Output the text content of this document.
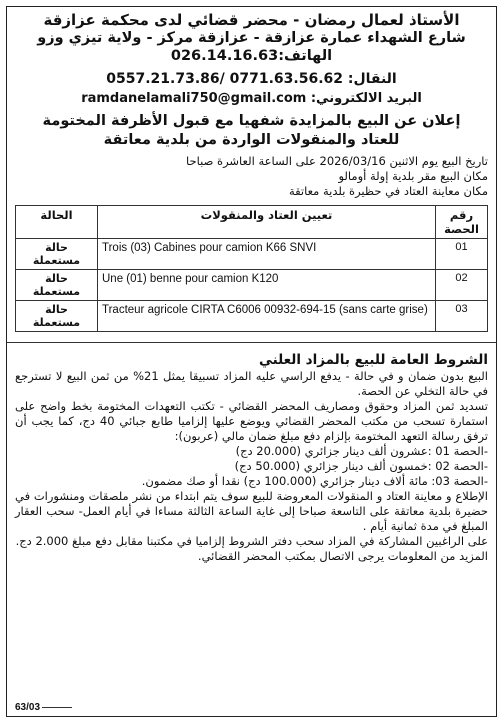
الأستاذ لعمال رمضان - محضر قضائي لدى محكمة عزازقة
شارع الشهداء عمارة عزازقة - عزازقة مركز - ولاية تيزي وزو
الهاتف:026.14.16.63
النقال: 0771.63.56.62 /0557.21.73.86
البريد الالكتروني: ramdanelamali750@gmail.com
إعلان عن البيع بالمزايدة شفهيا مع قبول الأظرفة المختومة
للعتاد والمنقولات الواردة من بلدية معاتقة
تاريخ البيع يوم الاثنين 2026/03/16 على الساعة العاشرة صباحا
مكان البيع مقر بلدية إولة أومالو
مكان معاينة العتاد في حظيرة بلدية معاتقة
رقم الحصة	تعيين العتاد والمنقولات	الحالة
01	Trois (03) Cabines pour camion K66 SNVI	حالة مستعملة
02	Une (01) benne pour camion K120	حالة مستعملة
03	Tracteur agricole CIRTA C6006 00932-694-15 (sans carte grise)	حالة مستعملة
الشروط العامة للبيع بالمزاد العلني
البيع بدون ضمان و في حالة - يدفع الراسي عليه المزاد تسبيقا يمثل 21% من ثمن البيع لا تسترجع في حالة التخلي عن الحصة.
تسديد ثمن المزاد وحقوق ومصاريف المحضر القضائي - تكتب التعهدات المختومة بخط واضح على استمارة تسحب من مكتب المحضر القضائي ويوضع عليها إلزاميا طابع جبائي 40 دج، كما يجب أن ترفق رسالة التعهد المختومة بإلزام دفع مبلغ ضمان مالي (عربون):
-الحصة 01 :عشرون ألف دينار جزائري (20.000 دج)
-الحصة 02 :خمسون ألف دينار جزائري (50.000 دج)
-الحصة 03: مائة ألاف دينار جزائري (100.000 دج) نقدا أو صك مضمون.
الإطلاع و معاينة العتاد و المنقولات المعروضة للبيع سوف يتم ابتداء من نشر ملصقات ومنشورات في حضيرة بلدية معاتقة على التاسعة صباحا إلى غاية الساعة الثالثة مساءا في أيام العمل- سحب العقار المبلغ في مدة ثمانية أيام .
على الراغبين المشاركة في المزاد سحب دفتر الشروط إلزاميا في مكتبنا مقابل دفع مبلغ 2.000 دج.
المزيد من المعلومات يرجى الاتصال بمكتب المحضر القضائي.
63/03
